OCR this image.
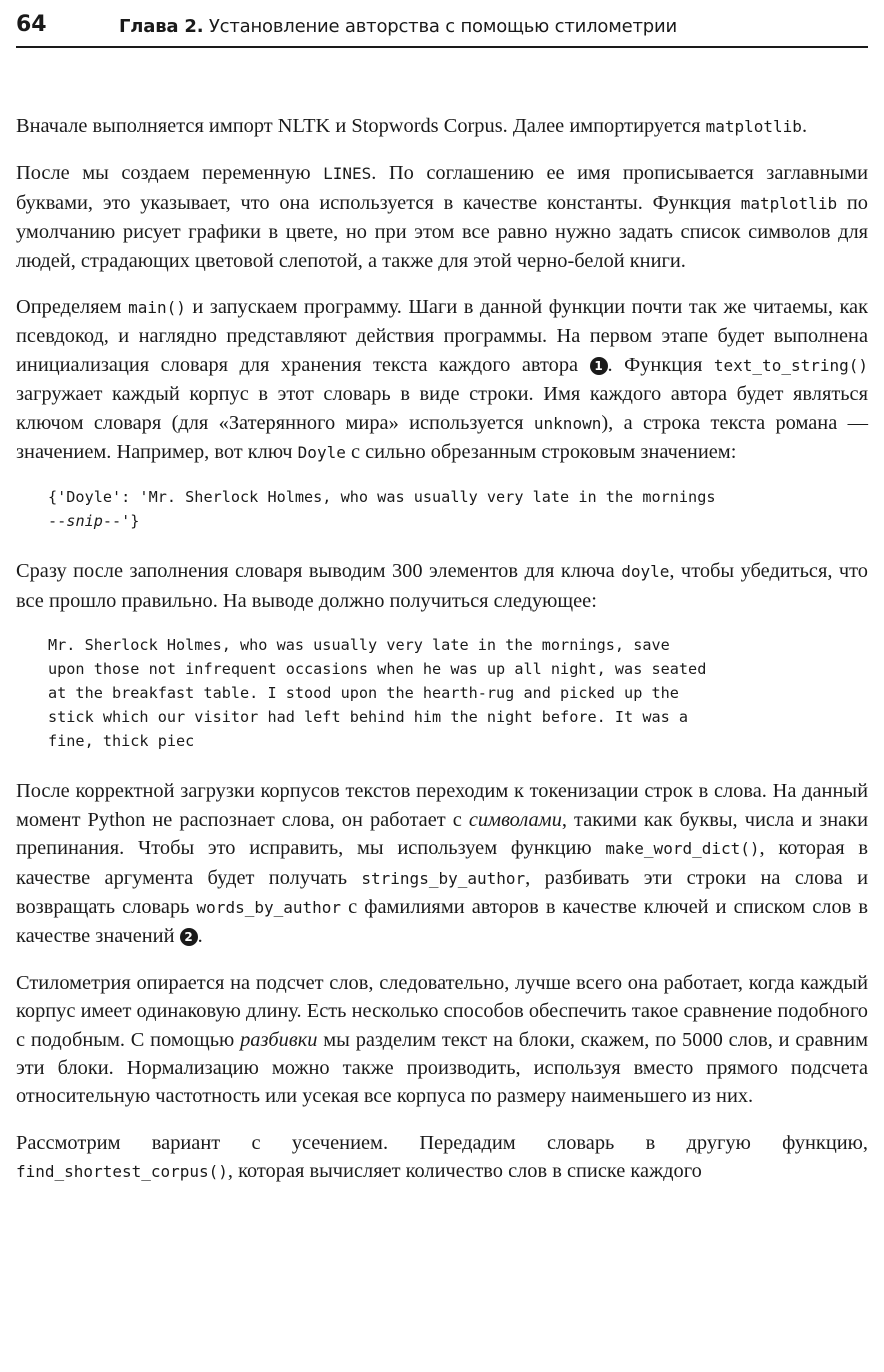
64	Глава 2. Установление авторства с помощью стилометрии

Вначале выполняется импорт NLTK и Stopwords Corpus. Далее импортируется matplotlib.

После мы создаем переменную LINES. По соглашению ее имя прописывается заглавными буквами, это указывает, что она используется в качестве константы. Функция matplotlib по умолчанию рисует графики в цвете, но при этом все равно нужно задать список символов для людей, страдающих цветовой слепотой, а также для этой черно-белой книги.

Определяем main() и запускаем программу. Шаги в данной функции почти так же читаемы, как псевдокод, и наглядно представляют действия программы. На первом этапе будет выполнена инициализация словаря для хранения текста каждого автора 1 . Функция text_to_string() загружает каждый корпус в этот словарь в виде строки. Имя каждого автора будет являться ключом словаря (для «Затерянного мира» используется unknown), а строка текста романа — значением. Например, вот ключ Doyle с сильно обрезанным строковым значением:

{'Doyle': 'Mr. Sherlock Holmes, who was usually very late in the mornings
--snip--'}

Сразу после заполнения словаря выводим 300 элементов для ключа doyle, чтобы убедиться, что все прошло правильно. На выводе должно получиться следующее:

Mr. Sherlock Holmes, who was usually very late in the mornings, save
upon those not infrequent occasions when he was up all night, was seated
at the breakfast table. I stood upon the hearth-rug and picked up the
stick which our visitor had left behind him the night before. It was a
fine, thick piec

После корректной загрузки корпусов текстов переходим к токенизации строк в слова. На данный момент Python не распознает слова, он работает с символами, такими как буквы, числа и знаки препинания. Чтобы это исправить, мы используем функцию make_word_dict(), которая в качестве аргумента будет получать strings_by_author, разбивать эти строки на слова и возвращать словарь words_by_author с фамилиями авторов в качестве ключей и списком слов в качестве значений 2 .

Стилометрия опирается на подсчет слов, следовательно, лучше всего она работает, когда каждый корпус имеет одинаковую длину. Есть несколько способов обеспечить такое сравнение подобного с подобным. С помощью разбивки мы разделим текст на блоки, скажем, по 5000 слов, и сравним эти блоки. Нормализацию можно также производить, используя вместо прямого подсчета относительную частотность или усекая все корпуса по размеру наименьшего из них.

Рассмотрим вариант с усечением. Передадим словарь в другую функцию, find_shortest_corpus(), которая вычисляет количество слов в списке каждого
